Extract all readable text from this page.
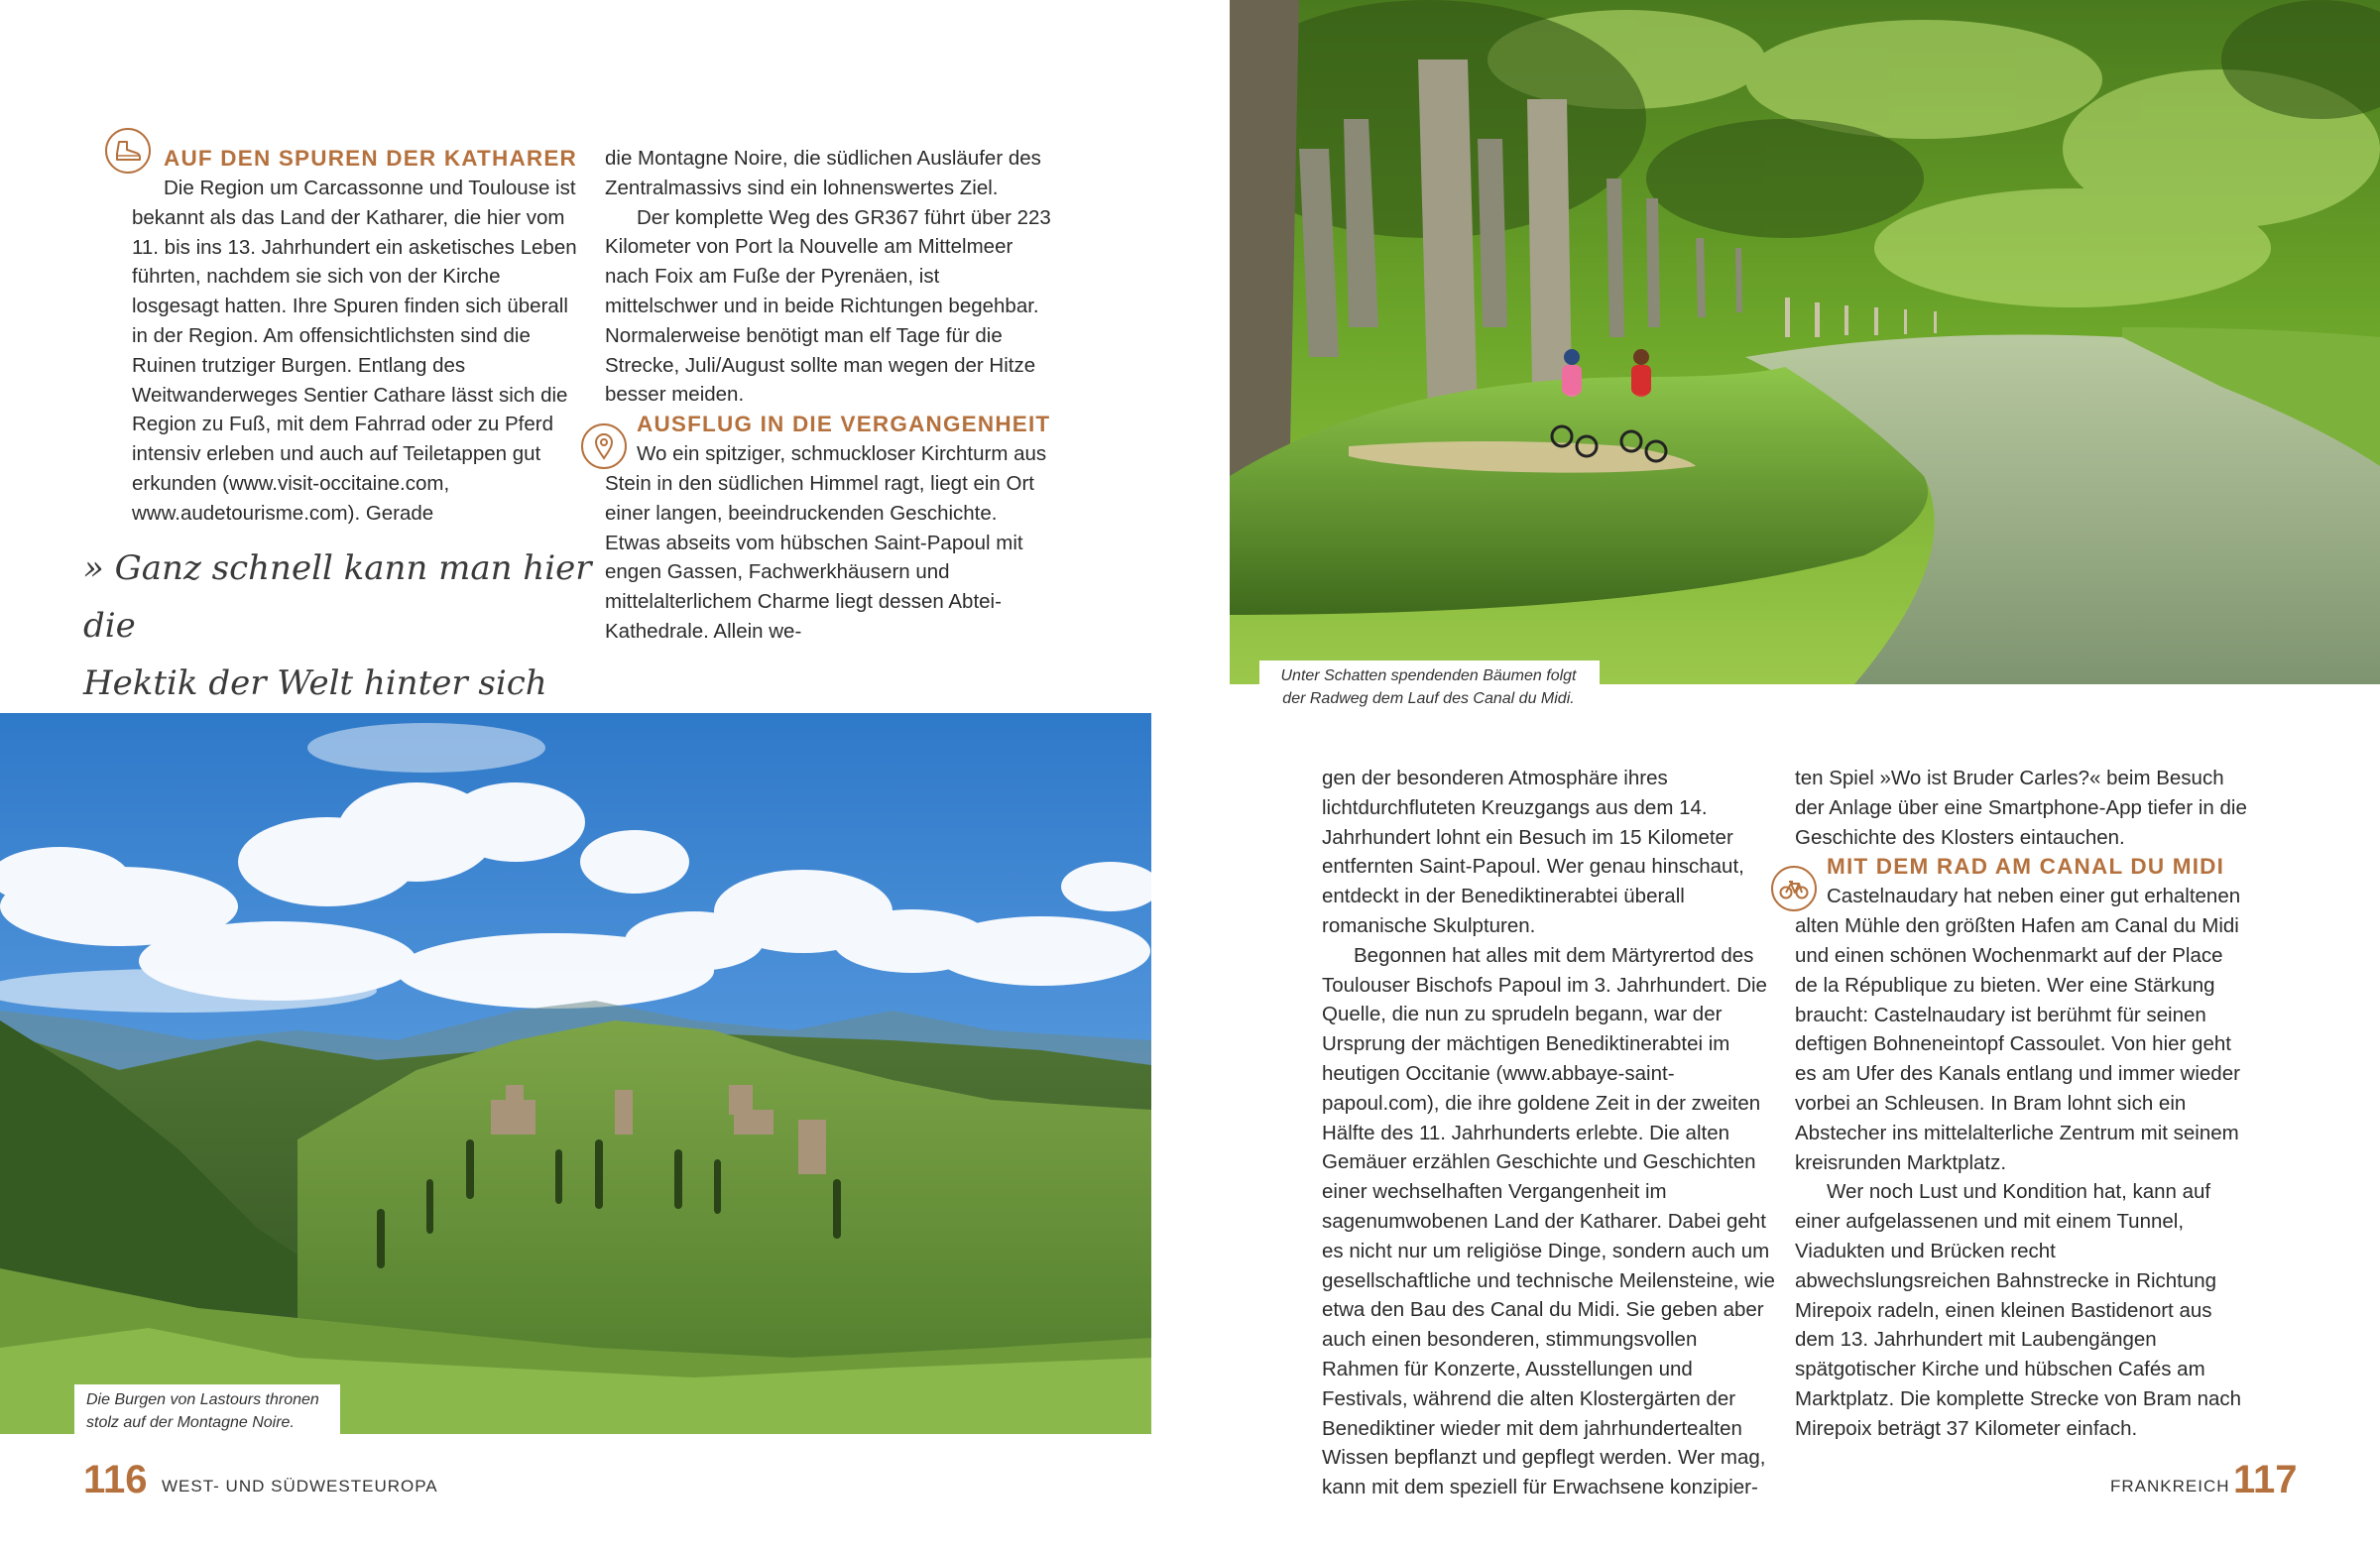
AUF DEN SPUREN DER KATHARER

Die Region um Carcassonne und Toulouse ist bekannt als das Land der Katharer, die hier vom 11. bis ins 13. Jahrhundert ein asketisches Leben führten, nachdem sie sich von der Kirche losgesagt hatten. Ihre Spuren finden sich überall in der Region. Am offensichtlichsten sind die Ruinen trutziger Burgen. Entlang des Weitwanderweges Sentier Cathare lässt sich die Region zu Fuß, mit dem Fahrrad oder zu Pferd intensiv erleben und auch auf Teiletappen gut erkunden (www.visit-occitaine.com, www.audetourisme.com). Gerade

die Montagne Noire, die südlichen Ausläufer des Zentralmassivs sind ein lohnenswertes Ziel.

Der komplette Weg des GR367 führt über 223 Kilometer von Port la Nouvelle am Mittelmeer nach Foix am Fuße der Pyrenäen, ist mittelschwer und in beide Richtungen begehbar. Normalerweise benötigt man elf Tage für die Strecke, Juli/August sollte man wegen der Hitze besser meiden.

AUSFLUG IN DIE VERGANGENHEIT

Wo ein spitziger, schmuckloser Kirchturm aus Stein in den südlichen Himmel ragt, liegt ein Ort einer langen, beeindruckenden Geschichte. Etwas abseits vom hübschen Saint-Papoul mit engen Gassen, Fachwerkhäusern und mittelalterlichem Charme liegt dessen Abtei-Kathedrale. Allein we-

» Ganz schnell kann man hier die
Hektik der Welt hinter sich
Die Burgen von Lastours thronen stolz auf der Montagne Noire.
116 WEST- UND SÜDWESTEUROPA
Unter Schatten spendenden Bäumen folgt der Radweg dem Lauf des Canal du Midi.

gen der besonderen Atmosphäre ihres lichtdurchfluteten Kreuzgangs aus dem 14. Jahrhundert lohnt ein Besuch im 15 Kilometer entfernten Saint-Papoul. Wer genau hinschaut, entdeckt in der Benediktinerabtei überall romanische Skulpturen.

Begonnen hat alles mit dem Märtyrertod des Toulouser Bischofs Papoul im 3. Jahrhundert. Die Quelle, die nun zu sprudeln begann, war der Ursprung der mächtigen Benediktinerabtei im heutigen Occitanie (www.abbaye-saint-papoul.com), die ihre goldene Zeit in der zweiten Hälfte des 11. Jahrhunderts erlebte. Die alten Gemäuer erzählen Geschichte und Geschichten einer wechselhaften Vergangenheit im sagenumwobenen Land der Katharer. Dabei geht es nicht nur um religiöse Dinge, sondern auch um gesellschaftliche und technische Meilensteine, wie etwa den Bau des Canal du Midi. Sie geben aber auch einen besonderen, stimmungsvollen Rahmen für Konzerte, Ausstellungen und Festivals, während die alten Klostergärten der Benediktiner wieder mit dem jahrhundertealten Wissen bepflanzt und gepflegt werden. Wer mag, kann mit dem speziell für Erwachsene konzipier-

ten Spiel »Wo ist Bruder Carles?« beim Besuch der Anlage über eine Smartphone-App tiefer in die Geschichte des Klosters eintauchen.

MIT DEM RAD AM CANAL DU MIDI

Castelnaudary hat neben einer gut erhaltenen alten Mühle den größten Hafen am Canal du Midi und einen schönen Wochenmarkt auf der Place de la République zu bieten. Wer eine Stärkung braucht: Castelnaudary ist berühmt für seinen deftigen Bohneneintopf Cassoulet. Von hier geht es am Ufer des Kanals entlang und immer wieder vorbei an Schleusen. In Bram lohnt sich ein Abstecher ins mittelalterliche Zentrum mit seinem kreisrunden Marktplatz.

Wer noch Lust und Kondition hat, kann auf einer aufgelassenen und mit einem Tunnel, Viadukten und Brücken recht abwechslungsreichen Bahnstrecke in Richtung Mirepoix radeln, einen kleinen Bastidenort aus dem 13. Jahrhundert mit Laubengängen spätgotischer Kirche und hübschen Cafés am Marktplatz. Die komplette Strecke von Bram nach Mirepoix beträgt 37 Kilometer einfach.

FRANKREICH 117
